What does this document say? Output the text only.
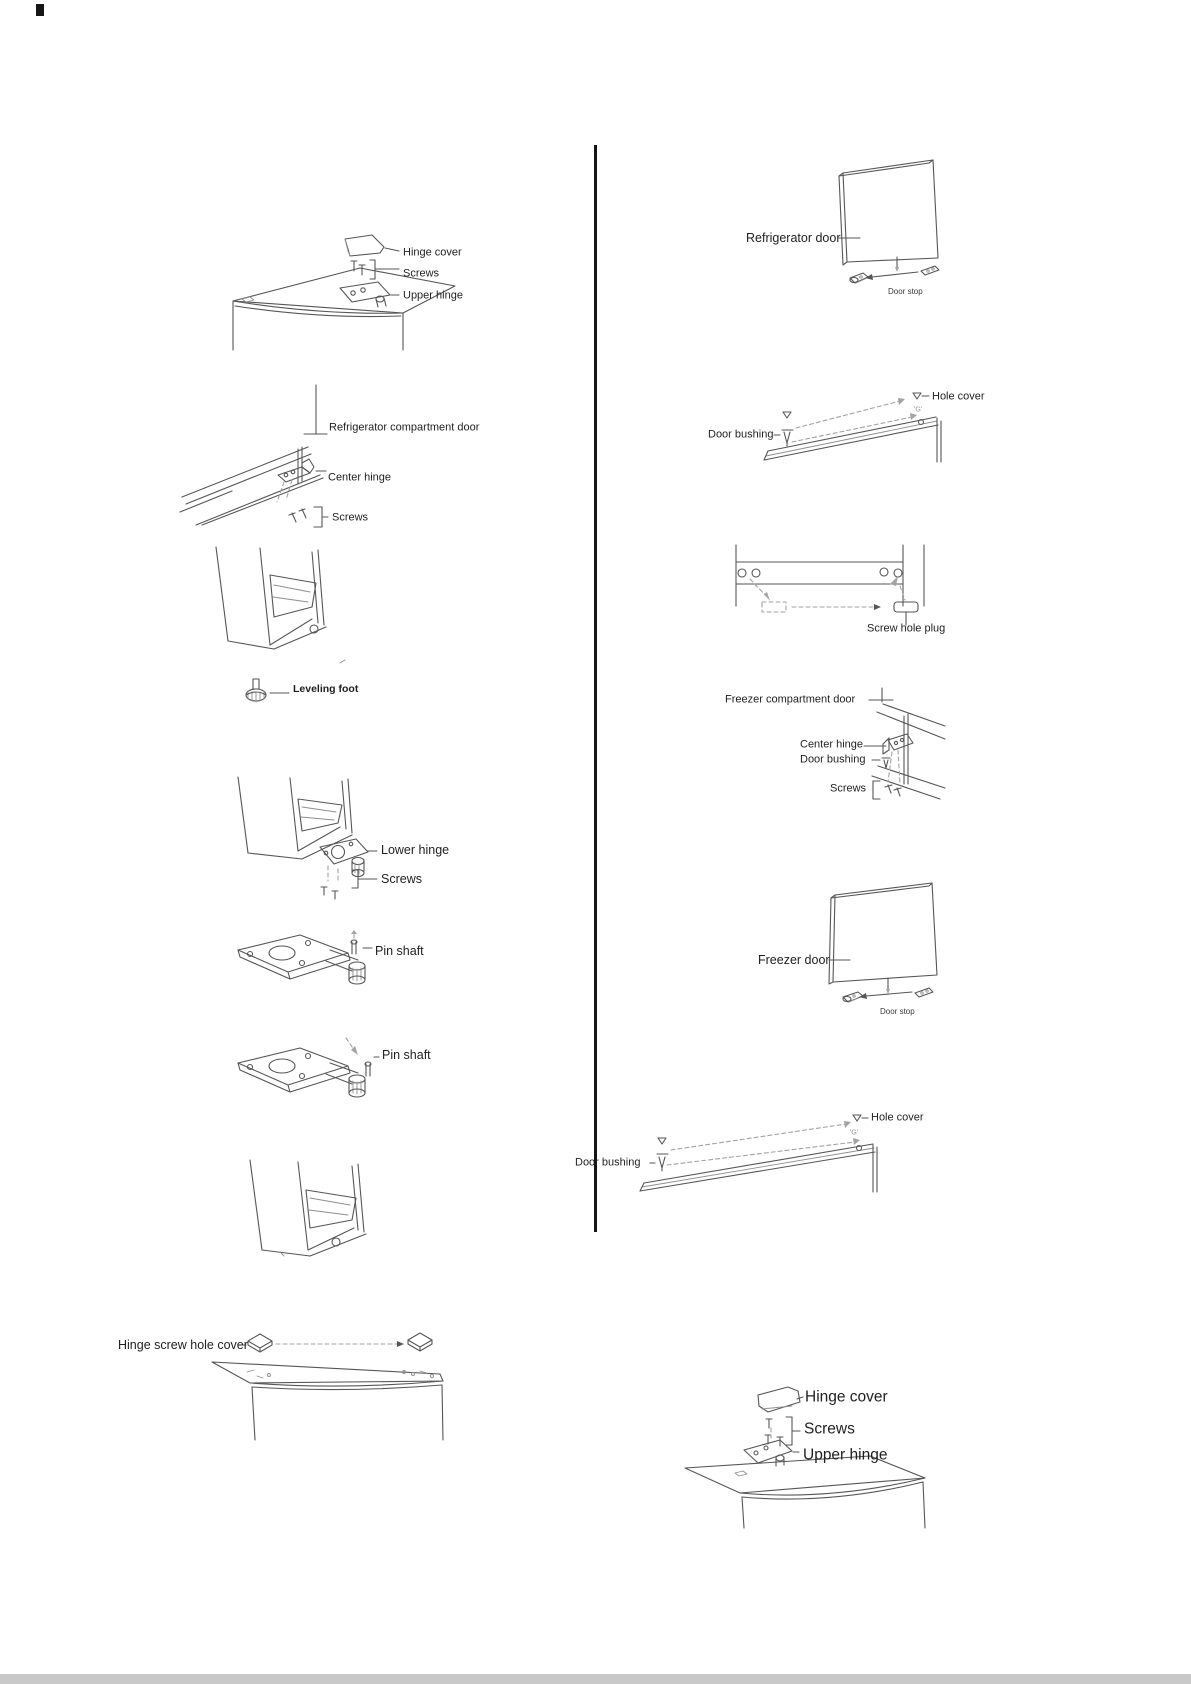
Hinge cover
Screws
Upper hinge
Refrigerator compartment door
Center hinge
Screws
Leveling foot
Lower hinge
Screws
Pin shaft
Pin shaft
Hinge screw hole cover
Refrigerator door
Door stop
Door bushing
Hole cover
'G'
Screw hole plug
Freezer compartment door
Center hinge
Door bushing
Screws
Freezer door
Door stop
Door bushing
Hole cover
'G'
Hinge cover
Screws
Upper hinge
